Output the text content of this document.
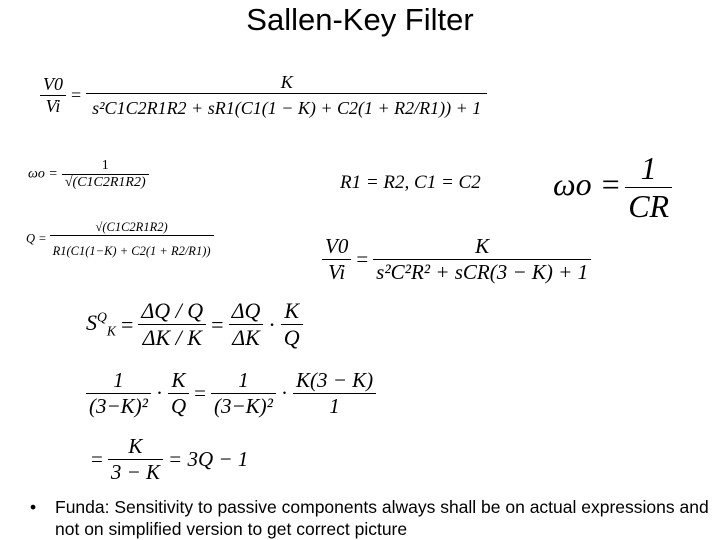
Sallen-Key Filter
$\frac{V0}{Vi} = \frac{K}{\text{s²C1C2R1R2 + sR1(C1(1 − K) + C2(1 + R2/R1)) + 1}}$
$\omega o = \frac{1}{√(C1C2R1R2)}$	R1 = R2, C1 = C2 $\omega o = \frac{1}{CR}$
$Q = \frac{√(C1C2R1R2)}{R1(C1(1-K) + C2(1 + R2/R1))}$	$\frac{V0}{Vi}$ =
K
s²C²R² + sCR(3 − K) + 1
$S^Q_K = \frac{\Delta Q / Q}{\Delta K / K} = \frac{\Delta Q}{\Delta K} \cdot \frac{K}{Q}$
$\frac{1}{\text{(3−K)²}} \cdot \frac{K}{Q} = \frac{1}{\text{(3−K)²}} \cdot \frac{K(3 - K)}{1}$
= $\frac{K}{3 - K} = 3Q - 1$
•	Funda: Sensitivity to passive components always shall be on actual expressions and not on simplified version to get correct picture
